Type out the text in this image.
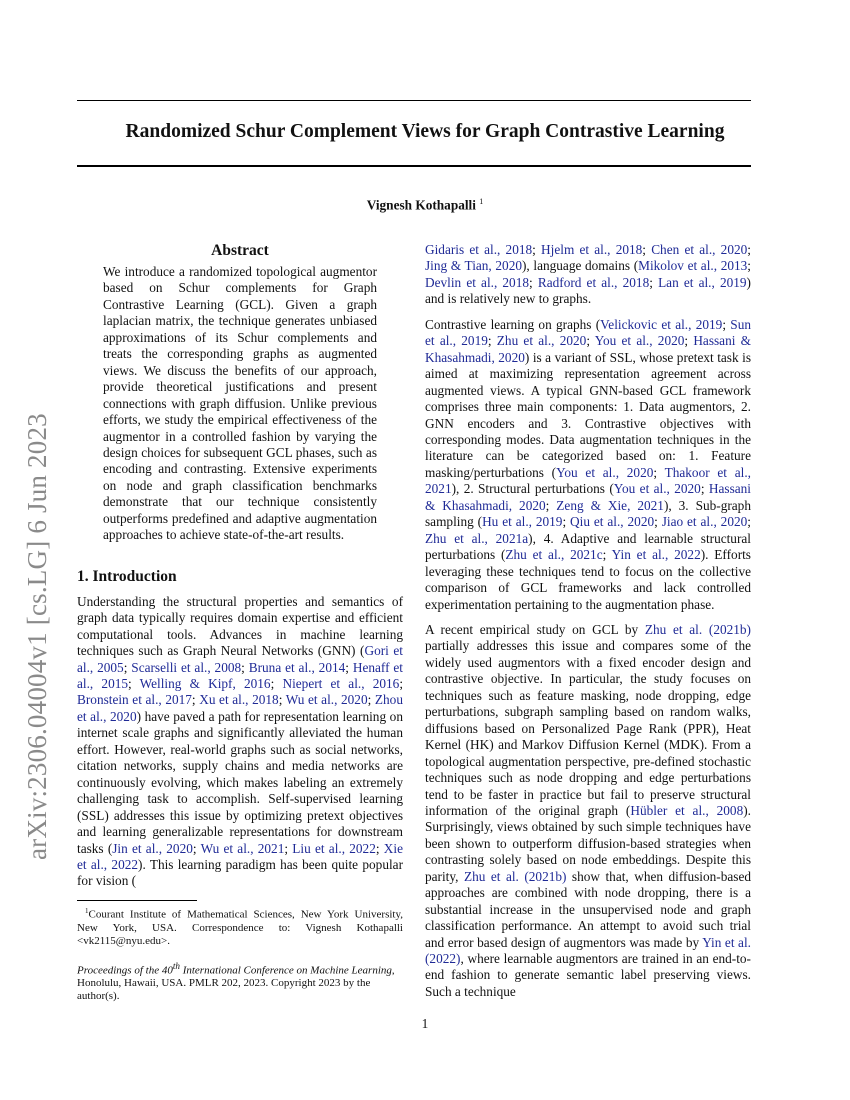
arXiv:2306.04004v1 [cs.LG] 6 Jun 2023
Randomized Schur Complement Views for Graph Contrastive Learning
Vignesh Kothapalli $^1$
Abstract

We introduce a randomized topological augmentor based on Schur complements for Graph Contrastive Learning (GCL). Given a graph laplacian matrix, the technique generates unbiased approximations of its Schur complements and treats the corresponding graphs as augmented views. We discuss the benefits of our approach, provide theoretical justifications and present connections with graph diffusion. Unlike previous efforts, we study the empirical effectiveness of the augmentor in a controlled fashion by varying the design choices for subsequent GCL phases, such as encoding and contrasting. Extensive experiments on node and graph classification benchmarks demonstrate that our technique consistently outperforms predefined and adaptive augmentation approaches to achieve state-of-the-art results.

1. Introduction
Understanding the structural properties and semantics of graph data typically requires domain expertise and efficient computational tools. Advances in machine learning techniques such as Graph Neural Networks (GNN) (Gori et al., 2005; Scarselli et al., 2008; Bruna et al., 2014; Henaff et al., 2015; Welling & Kipf, 2016; Niepert et al., 2016; Bronstein et al., 2017; Xu et al., 2018; Wu et al., 2020; Zhou et al., 2020) have paved a path for representation learning on internet scale graphs and significantly alleviated the human effort. However, real-world graphs such as social networks, citation networks, supply chains and media networks are continuously evolving, which makes labeling an extremely challenging task to accomplish. Self-supervised learning (SSL) addresses this issue by optimizing pretext objectives and learning generalizable representations for downstream tasks (Jin et al., 2020; Wu et al., 2021; Liu et al., 2022; Xie et al., 2022). This learning paradigm has been quite popular for vision (

$^1$Courant Institute of Mathematical Sciences, New York University, New York, USA. Correspondence to: Vignesh Kothapalli <vk2115@nyu.edu>.

Proceedings of the 40th International Conference on Machine Learning, Honolulu, Hawaii, USA. PMLR 202, 2023. Copyright 2023 by the author(s).

Gidaris et al., 2018; Hjelm et al., 2018; Chen et al., 2020; Jing & Tian, 2020), language domains (Mikolov et al., 2013; Devlin et al., 2018; Radford et al., 2018; Lan et al., 2019) and is relatively new to graphs.

Contrastive learning on graphs (Velickovic et al., 2019; Sun et al., 2019; Zhu et al., 2020; You et al., 2020; Hassani & Khasahmadi, 2020) is a variant of SSL, whose pretext task is aimed at maximizing representation agreement across augmented views. A typical GNN-based GCL framework comprises three main components: 1. Data augmentors, 2. GNN encoders and 3. Contrastive objectives with corresponding modes. Data augmentation techniques in the literature can be categorized based on: 1. Feature masking/perturbations (You et al., 2020; Thakoor et al., 2021), 2. Structural perturbations (You et al., 2020; Hassani & Khasahmadi, 2020; Zeng & Xie, 2021), 3. Sub-graph sampling (Hu et al., 2019; Qiu et al., 2020; Jiao et al., 2020; Zhu et al., 2021a), 4. Adaptive and learnable structural perturbations (Zhu et al., 2021c; Yin et al., 2022). Efforts leveraging these techniques tend to focus on the collective comparison of GCL frameworks and lack controlled experimentation pertaining to the augmentation phase.

A recent empirical study on GCL by Zhu et al. (2021b) partially addresses this issue and compares some of the widely used augmentors with a fixed encoder design and contrastive objective. In particular, the study focuses on techniques such as feature masking, node dropping, edge perturbations, subgraph sampling based on random walks, diffusions based on Personalized Page Rank (PPR), Heat Kernel (HK) and Markov Diffusion Kernel (MDK). From a topological augmentation perspective, pre-defined stochastic techniques such as node dropping and edge perturbations tend to be faster in practice but fail to preserve structural information of the original graph (Hübler et al., 2008). Surprisingly, views obtained by such simple techniques have been shown to outperform diffusion-based strategies when contrasting solely based on node embeddings. Despite this parity, Zhu et al. (2021b) show that, when diffusion-based approaches are combined with node dropping, there is a substantial increase in the unsupervised node and graph classification performance. An attempt to avoid such trial and error based design of augmentors was made by Yin et al. (2022), where learnable augmentors are trained in an end-to-end fashion to generate semantic label preserving views. Such a technique

1
